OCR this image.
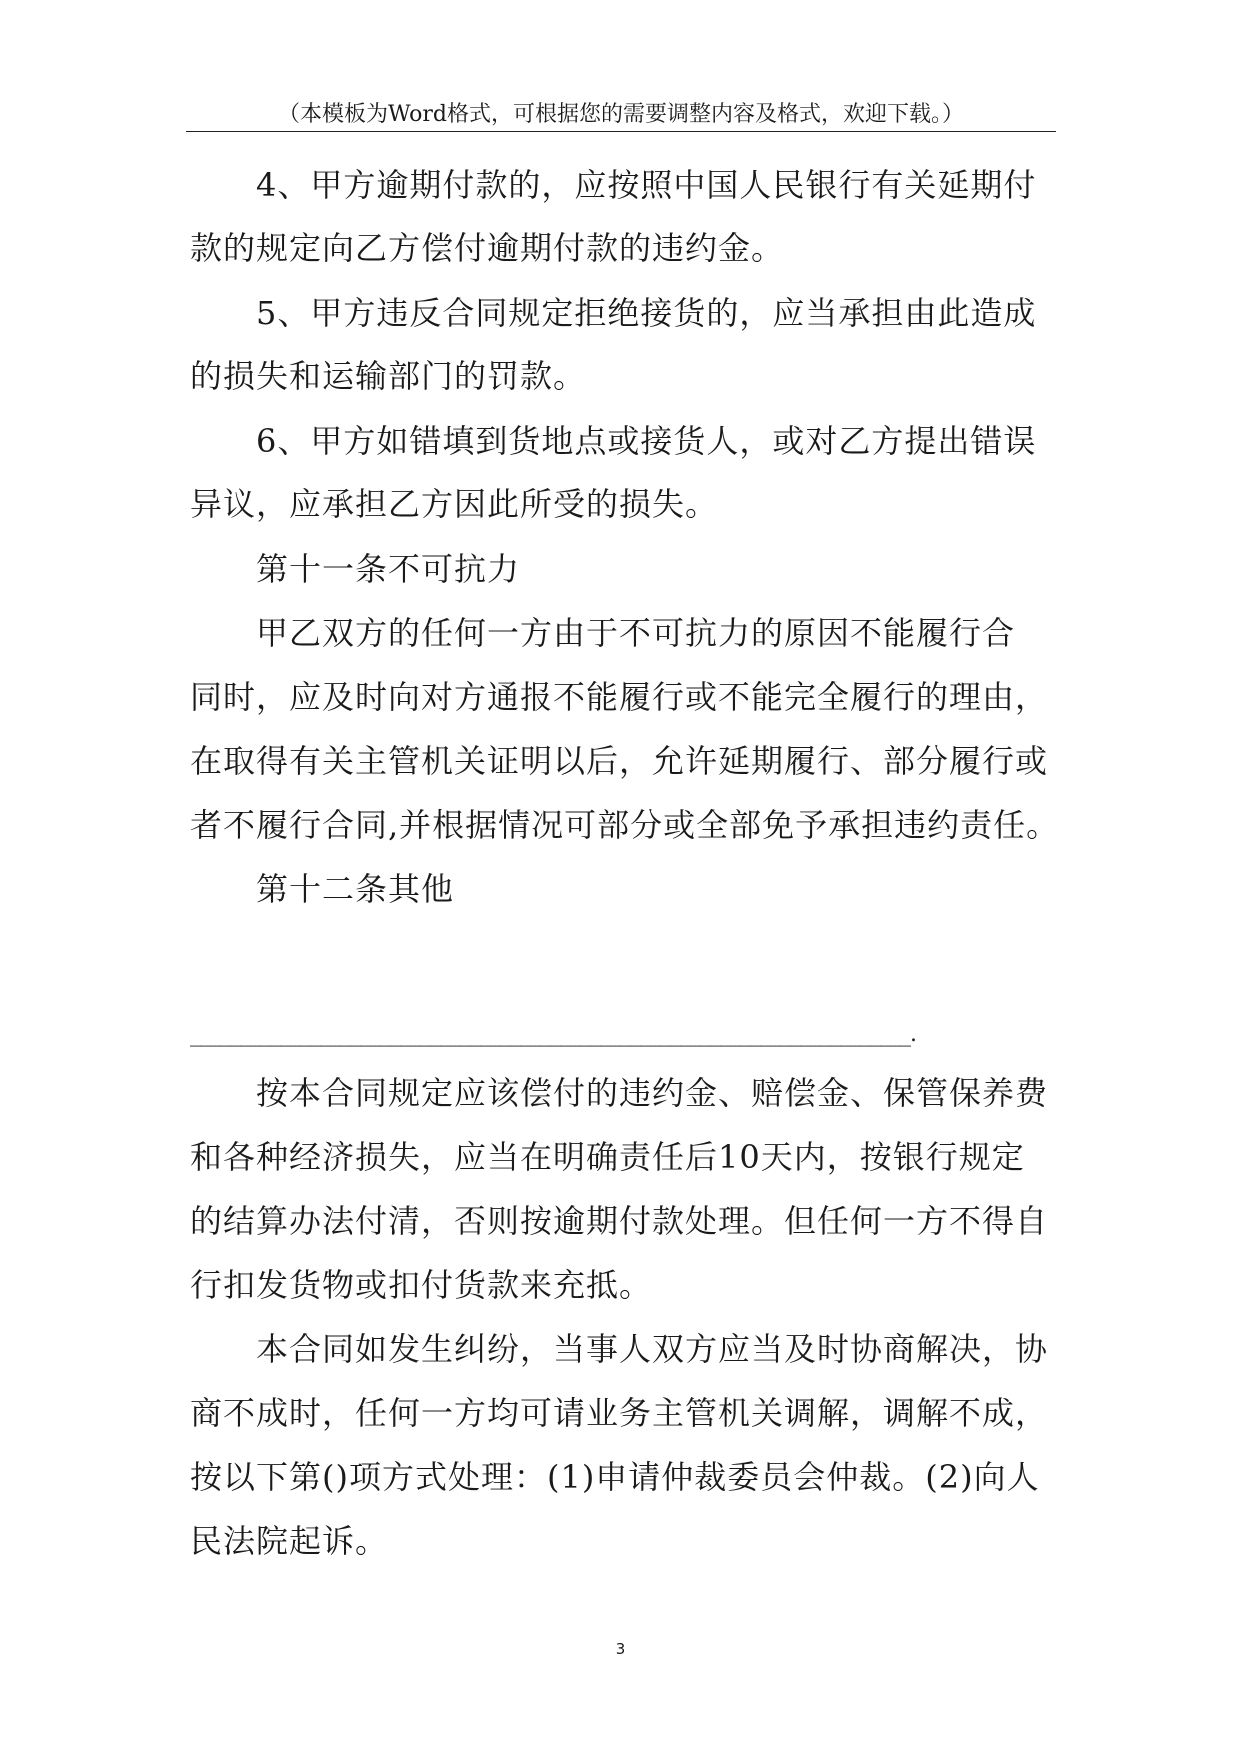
（本模板为Word格式，可根据您的需要调整内容及格式，欢迎下载。）
4、甲方逾期付款的，应按照中国人民银行有关延期付
款的规定向乙方偿付逾期付款的违约金。
5、甲方违反合同规定拒绝接货的，应当承担由此造成
的损失和运输部门的罚款。
6、甲方如错填到货地点或接货人，或对乙方提出错误
异议，应承担乙方因此所受的损失。
第十一条不可抗力
甲乙双方的任何一方由于不可抗力的原因不能履行合
同时，应及时向对方通报不能履行或不能完全履行的理由，
在取得有关主管机关证明以后，允许延期履行、部分履行或
者不履行合同,并根据情况可部分或全部免予承担违约责任。
第十二条其他
________________________________________________________________________.
按本合同规定应该偿付的违约金、赔偿金、保管保养费
和各种经济损失，应当在明确责任后10天内，按银行规定
的结算办法付清，否则按逾期付款处理。但任何一方不得自
行扣发货物或扣付货款来充抵。
本合同如发生纠纷，当事人双方应当及时协商解决，协
商不成时，任何一方均可请业务主管机关调解，调解不成，
按以下第()项方式处理：(1)申请仲裁委员会仲裁。(2)向人
民法院起诉。
3
